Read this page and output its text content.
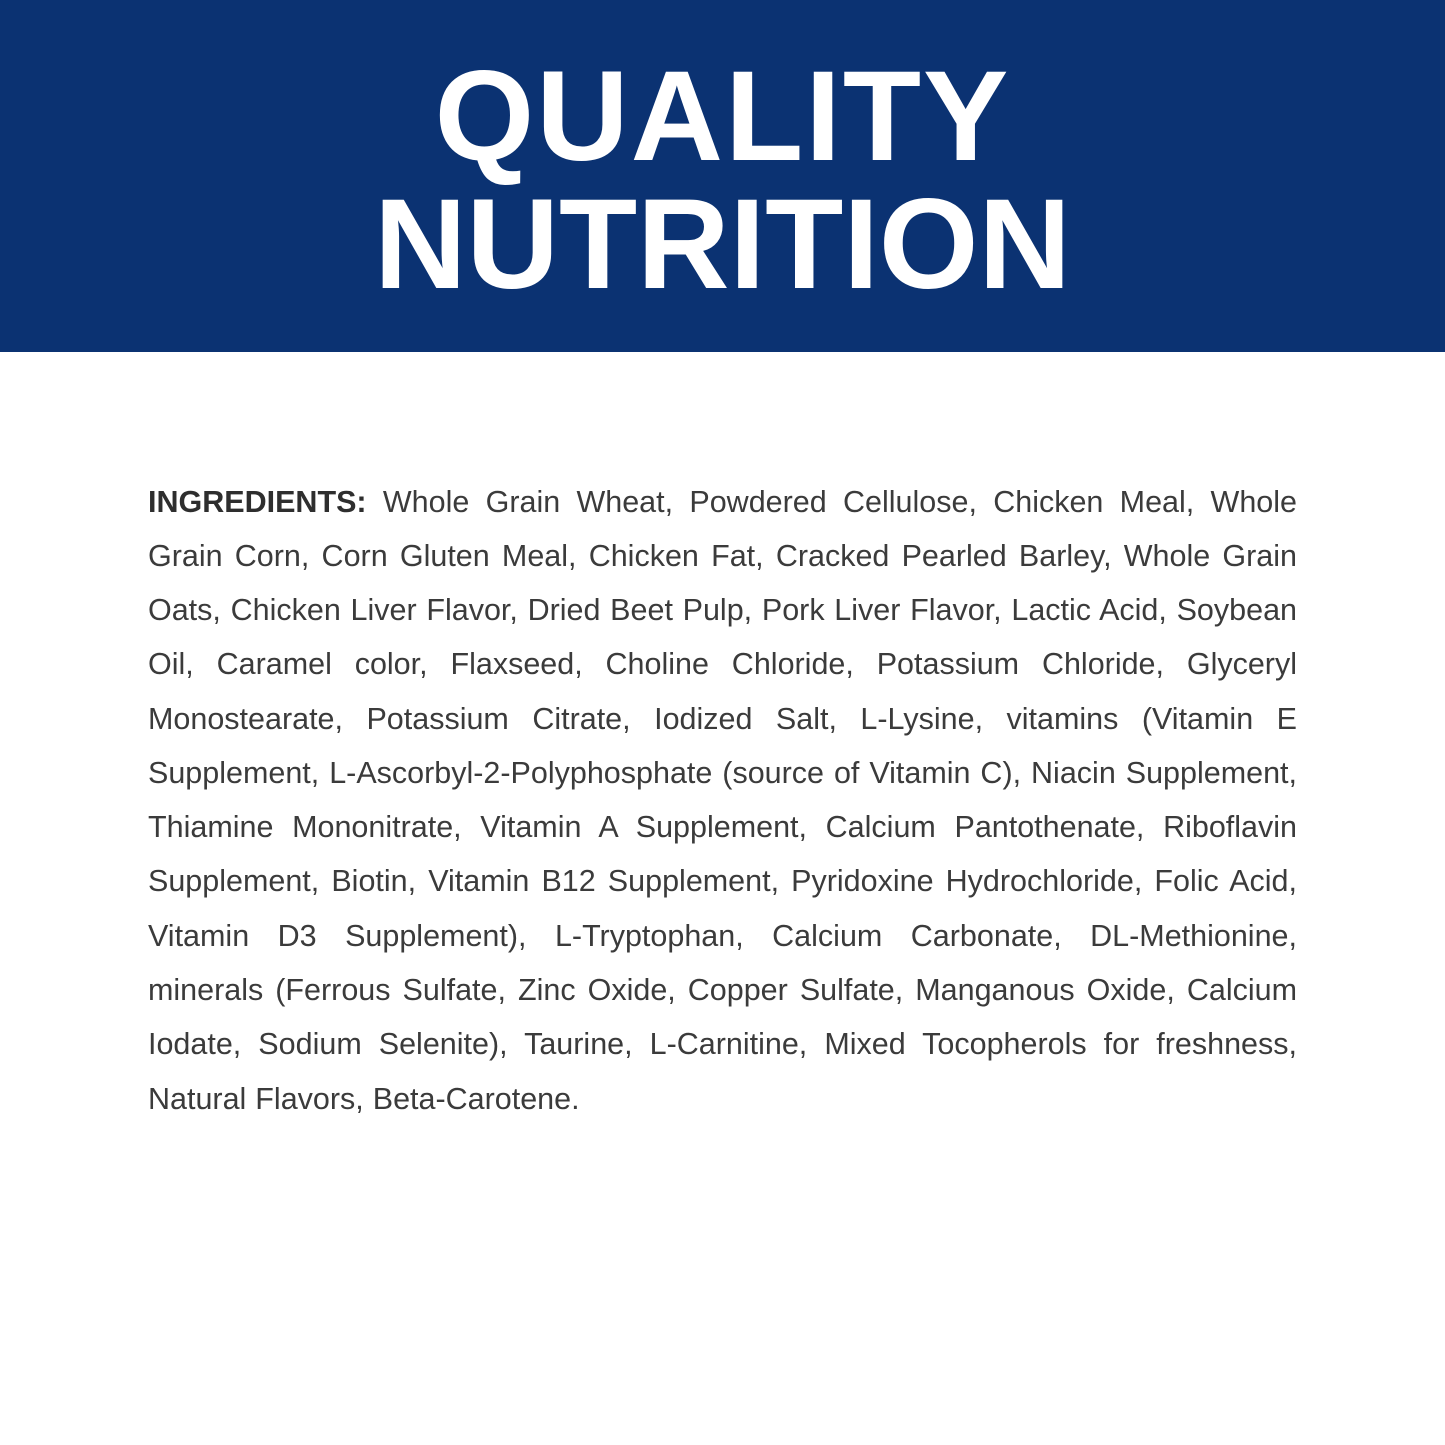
QUALITY
NUTRITION

INGREDIENTS: Whole Grain Wheat, Powdered Cellulose, Chicken Meal, Whole Grain Corn, Corn Gluten Meal, Chicken Fat, Cracked Pearled Barley, Whole Grain Oats, Chicken Liver Flavor, Dried Beet Pulp, Pork Liver Flavor, Lactic Acid, Soybean Oil, Caramel color, Flaxseed, Choline Chloride, Potassium Chloride, Glyceryl Monostearate, Potassium Citrate, Iodized Salt, L-Lysine, vitamins (Vitamin E Supplement, L-Ascorbyl-2-Polyphosphate (source of Vitamin C), Niacin Supplement, Thiamine Mononitrate, Vitamin A Supplement, Calcium Pantothenate, Riboflavin Supplement, Biotin, Vitamin B12 Supplement, Pyridoxine Hydrochloride, Folic Acid, Vitamin D3 Supplement), L-Tryptophan, Calcium Carbonate, DL-Methionine, minerals (Ferrous Sulfate, Zinc Oxide, Copper Sulfate, Manganous Oxide, Calcium Iodate, Sodium Selenite), Taurine, L-Carnitine, Mixed Tocopherols for freshness, Natural Flavors, Beta-Carotene.
